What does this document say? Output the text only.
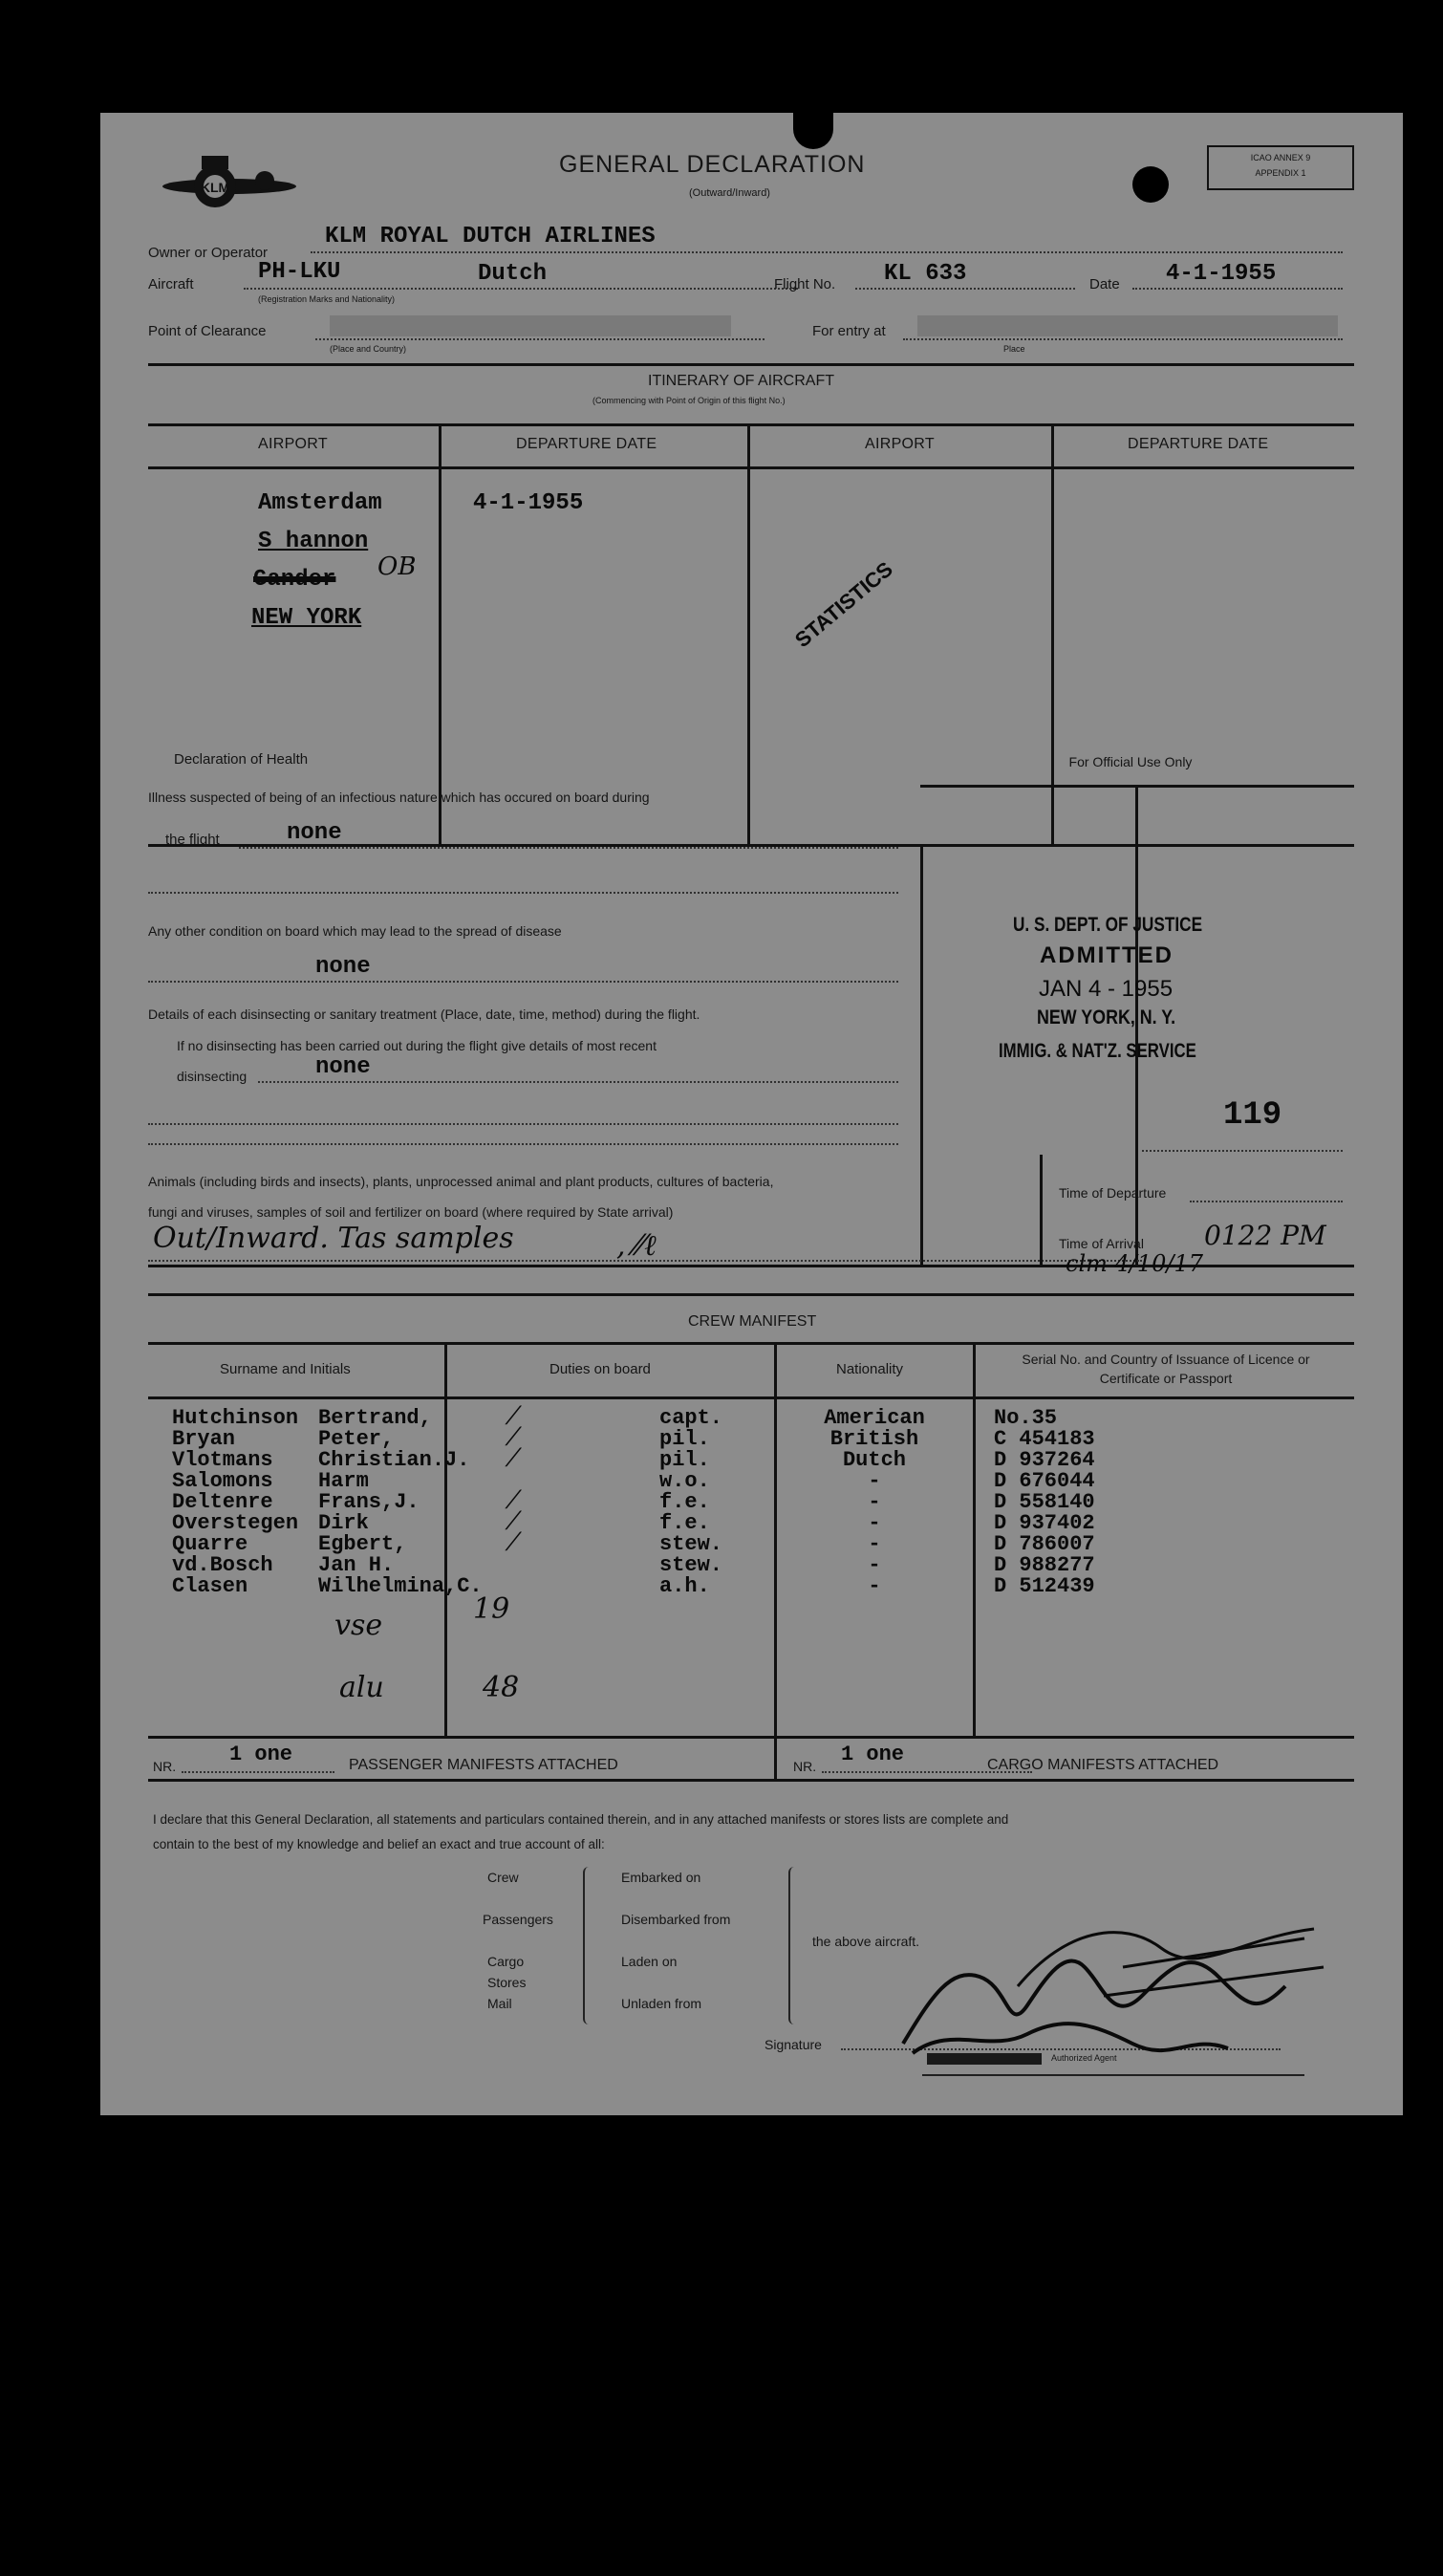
KLM
GENERAL DECLARATION
(Outward/Inward)
ICAO ANNEX 9 APPENDIX 1
Owner or Operator
KLM ROYAL DUTCH AIRLINES
Aircraft	PH-LKU	Dutch
(Registration Marks and Nationality)
Flight No. KL 633	Date 4-1-1955
Point of Clearance
(Place and Country)
For entry at
Place
ITINERARY OF AIRCRAFT
(Commencing with Point of Origin of this flight No.)
AIRPORT	DEPARTURE DATE	AIRPORT	DEPARTURE DATE
Amsterdam
S hannon
Gander OB
NEW YORK
4-1-1955
STATISTICS
Declaration of Health
Illness suspected of being of an infectious nature which has occured on board during
the flight	none
Any other condition on board which may lead to the spread of disease
none
Details of each disinsecting or sanitary treatment (Place, date, time, method) during the flight.
If no disinsecting has been carried out during the flight give details of most recent
disinsecting	none
For Official Use Only
U. S. DEPT. OF JUSTICE
ADMITTED
JAN 4 - 1955
NEW YORK, N. Y.
IMMIG. & NAT'Z. SERVICE
119
Animals (including birds and insects), plants, unprocessed animal and plant products, cultures of bacteria,
fungi and viruses, samples of soil and fertilizer on board (where required by State arrival)
Out/Inward. Tas samples	, ⁄⁄ℓ
Time of Departure
Time of Arrival 0122 PM
clm 4/10/17
CREW MANIFEST
Surname and Initials	Duties on board	Nationality
Serial No. and Country of Issuance of Licence or Certificate or Passport
Hutchinson Bertrand,	capt.	American	No.35
⁄
Bryan	Peter,	pil.	British	C 454183
⁄
Vlotmans Christian.J.	pil.	Dutch	D 937264
⁄
Salomons Harm	w.o.	-	D 676044
Deltenre Frans,J.	f.e.	-	D 558140
⁄
Overstegen Dirk	f.e.	-	D 937402
⁄
Quarre	Egbert,	stew.	-	D 786007
⁄
vd.Bosch Jan H.	stew.	-	D 988277
Clasen	Wilhelmina,C.	a.h.	-	D 512439
vse	19
alu	48
NR.	1 one	PASSENGER MANIFESTS ATTACHED	NR. 1 one	CARGO MANIFESTS ATTACHED
I declare that this General Declaration, all statements and particulars contained therein, and in any attached manifests or stores lists are complete and
contain to the best of my knowledge and belief an exact and true account of all:
Crew
Passengers
Cargo
Stores
Mail
Embarked on
Disembarked from
Laden on
Unladen from
the above aircraft.
Signature
Authorized Agent
